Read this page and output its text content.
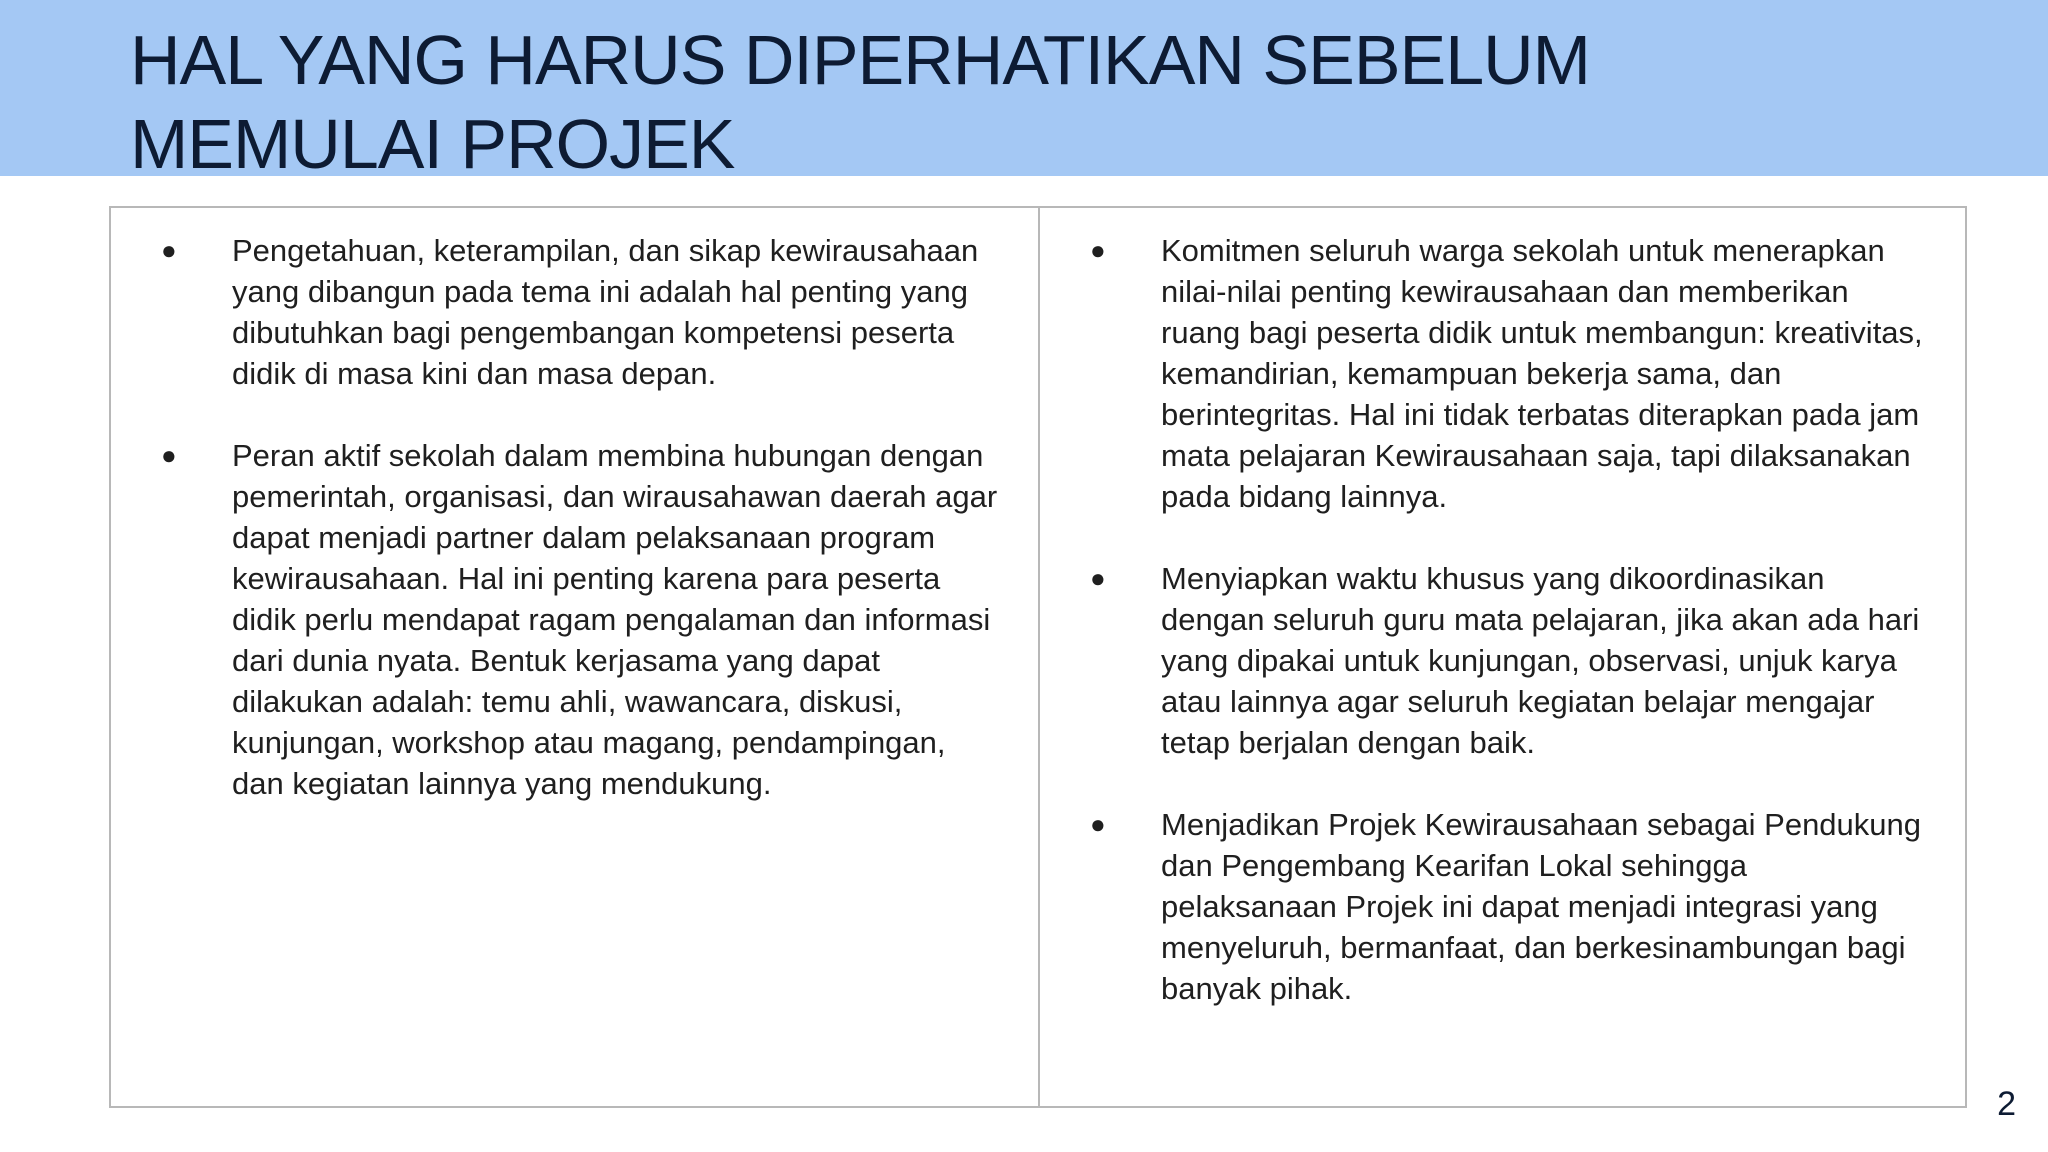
HAL YANG HARUS DIPERHATIKAN SEBELUM MEMULAI PROJEK
● Pengetahuan, keterampilan, dan sikap kewirausahaan yang dibangun pada tema ini adalah hal penting yang dibutuhkan bagi pengembangan kompetensi peserta didik di masa kini dan masa depan.
● Peran aktif sekolah dalam membina hubungan dengan pemerintah, organisasi, dan wirausahawan daerah agar dapat menjadi partner dalam pelaksanaan program kewirausahaan. Hal ini penting karena para peserta didik perlu mendapat ragam pengalaman dan informasi dari dunia nyata. Bentuk kerjasama yang dapat dilakukan adalah: temu ahli, wawancara, diskusi, kunjungan, workshop atau magang, pendampingan, dan kegiatan lainnya yang mendukung.
● Komitmen seluruh warga sekolah untuk menerapkan nilai-nilai penting kewirausahaan dan memberikan ruang bagi peserta didik untuk membangun: kreativitas, kemandirian, kemampuan bekerja sama, dan berintegritas. Hal ini tidak terbatas diterapkan pada jam mata pelajaran Kewirausahaan saja, tapi dilaksanakan pada bidang lainnya.
● Menyiapkan waktu khusus yang dikoordinasikan dengan seluruh guru mata pelajaran, jika akan ada hari yang dipakai untuk kunjungan, observasi, unjuk karya atau lainnya agar seluruh kegiatan belajar mengajar tetap berjalan dengan baik.
● Menjadikan Projek Kewirausahaan sebagai Pendukung dan Pengembang Kearifan Lokal sehingga pelaksanaan Projek ini dapat menjadi integrasi yang menyeluruh, bermanfaat, dan berkesinambungan bagi banyak pihak.
2
